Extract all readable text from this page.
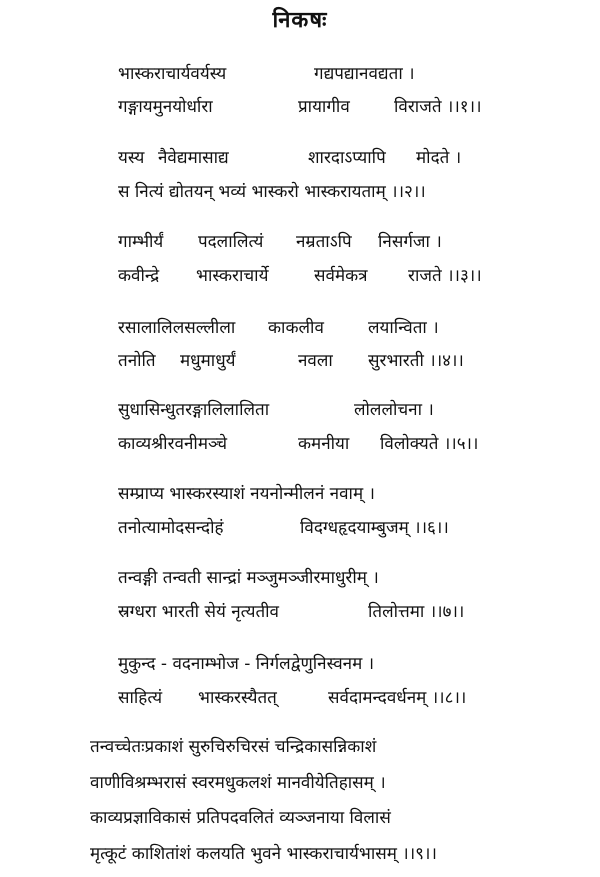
निकषः
भास्कराचार्यवर्यस्य	गद्यपद्यानवद्यता ।
गङ्गायमुनयोर्धारा	प्रायागीव	विराजते ।।१।।
यस्य नैवेद्यमासाद्य	शारदाऽप्यापि मोदते ।
स नित्यं द्योतयन् भव्यं भास्करो भास्करायताम् ।।२।।
गाम्भीर्यं पदलालित्यं नम्रताऽपि निसर्गजा ।
कवीन्द्रे भास्कराचार्ये	सर्वमेकत्र राजते ।।३।।
रसालालिलसल्लीला काकलीव	लयान्विता ।
तनोति मधुमाधुर्यं	नवला सुरभारती ।।४।।
सुधासिन्धुतरङ्गालिलालिता	लोललोचना ।
काव्यश्रीरवनीमञ्चे	कमनीया विलोक्यते ।।५।।
सम्प्राप्य भास्करस्याशं नयनोन्मीलनं नवाम् ।
तनोत्यामोदसन्दोहं	विदग्धहृदयाम्बुजम् ।।६।।
तन्वङ्गी तन्वती सान्द्रां मञ्जुमञ्जीरमाधुरीम् ।
स्रग्धरा भारती सेयं नृत्यतीव	तिलोत्तमा ।।७।।
मुकुन्द - वदनाम्भोज - निर्गलद्वेणुनिस्वनम ।
साहित्यं भास्करस्यैतत्	सर्वदामन्दवर्धनम् ।।८।।
तन्वच्चेतःप्रकाशं सुरुचिरुचिरसं चन्द्रिकासन्निकाशं
वाणीविश्रम्भरासं स्वरमधुकलशं मानवीयेतिहासम् ।
काव्यप्रज्ञाविकासं प्रतिपदवलितं व्यञ्जनाया विलासं
मृत्कूटं काशितांशं कलयति भुवने भास्कराचार्यभासम् ।।९।।
